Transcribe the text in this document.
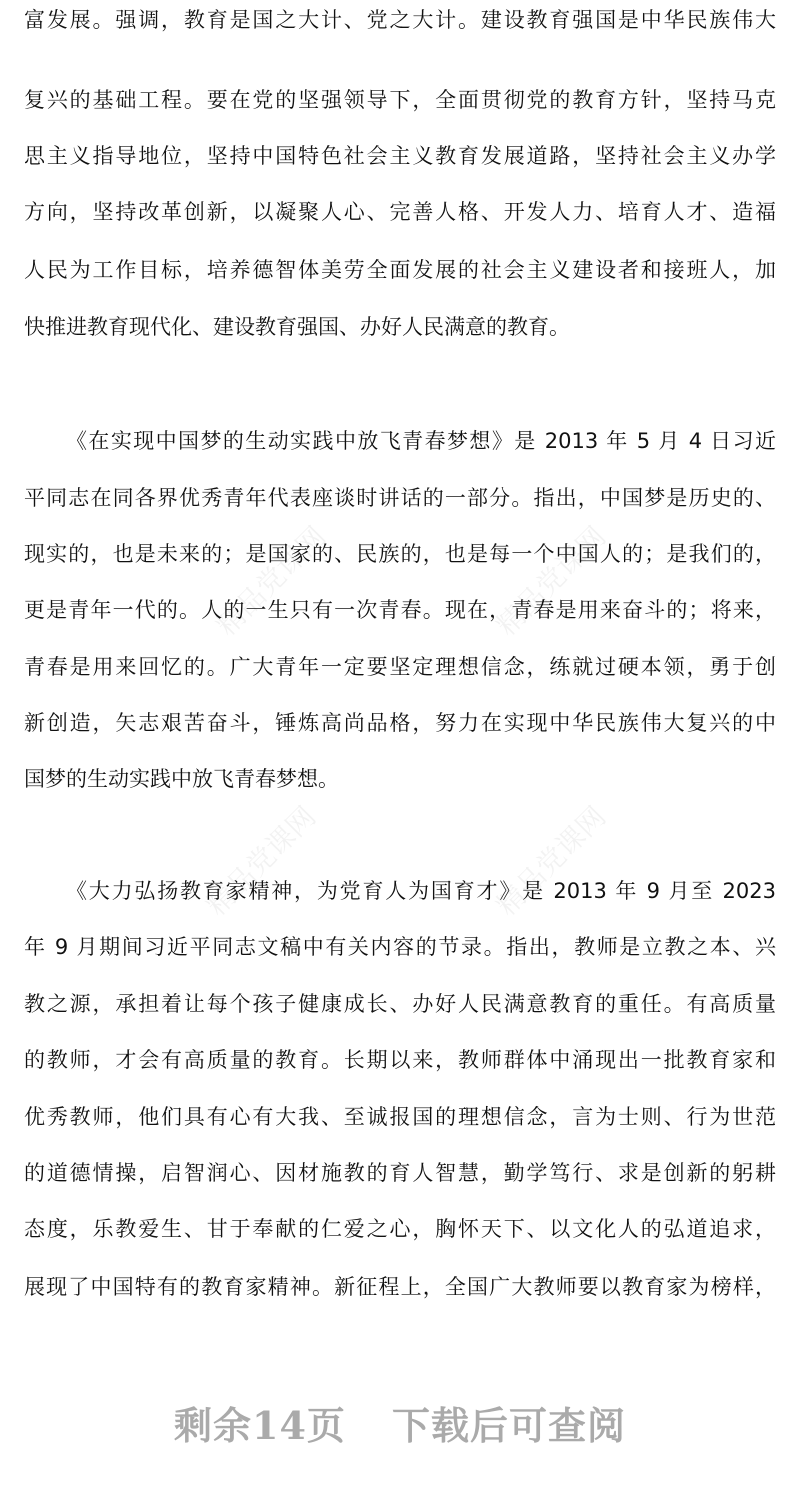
精品党课网	精品党课网
精品党课网	精品党课网
富发展。强调，教育是国之大计、党之大计。建设教育强国是中华民族伟大
复兴的基础工程。要在党的坚强领导下，全面贯彻党的教育方针，坚持马克
思主义指导地位，坚持中国特色社会主义教育发展道路，坚持社会主义办学
方向，坚持改革创新，以凝聚人心、完善人格、开发人力、培育人才、造福
人民为工作目标，培养德智体美劳全面发展的社会主义建设者和接班人，加
快推进教育现代化、建设教育强国、办好人民满意的教育。
《在实现中国梦的生动实践中放飞青春梦想》是 2013 年 5 月 4 日习近
平同志在同各界优秀青年代表座谈时讲话的一部分。指出，中国梦是历史的、
现实的，也是未来的；是国家的、民族的，也是每一个中国人的；是我们的，
更是青年一代的。人的一生只有一次青春。现在，青春是用来奋斗的；将来，
青春是用来回忆的。广大青年一定要坚定理想信念，练就过硬本领，勇于创
新创造，矢志艰苦奋斗，锤炼高尚品格，努力在实现中华民族伟大复兴的中
国梦的生动实践中放飞青春梦想。
《大力弘扬教育家精神，为党育人为国育才》是 2013 年 9 月至 2023
年 9 月期间习近平同志文稿中有关内容的节录。指出，教师是立教之本、兴
教之源，承担着让每个孩子健康成长、办好人民满意教育的重任。有高质量
的教师，才会有高质量的教育。长期以来，教师群体中涌现出一批教育家和
优秀教师，他们具有心有大我、至诚报国的理想信念，言为士则、行为世范
的道德情操，启智润心、因材施教的育人智慧，勤学笃行、求是创新的躬耕
态度，乐教爱生、甘于奉献的仁爱之心，胸怀天下、以文化人的弘道追求，
展现了中国特有的教育家精神。新征程上，全国广大教师要以教育家为榜样，
剩余14页 下载后可查阅
